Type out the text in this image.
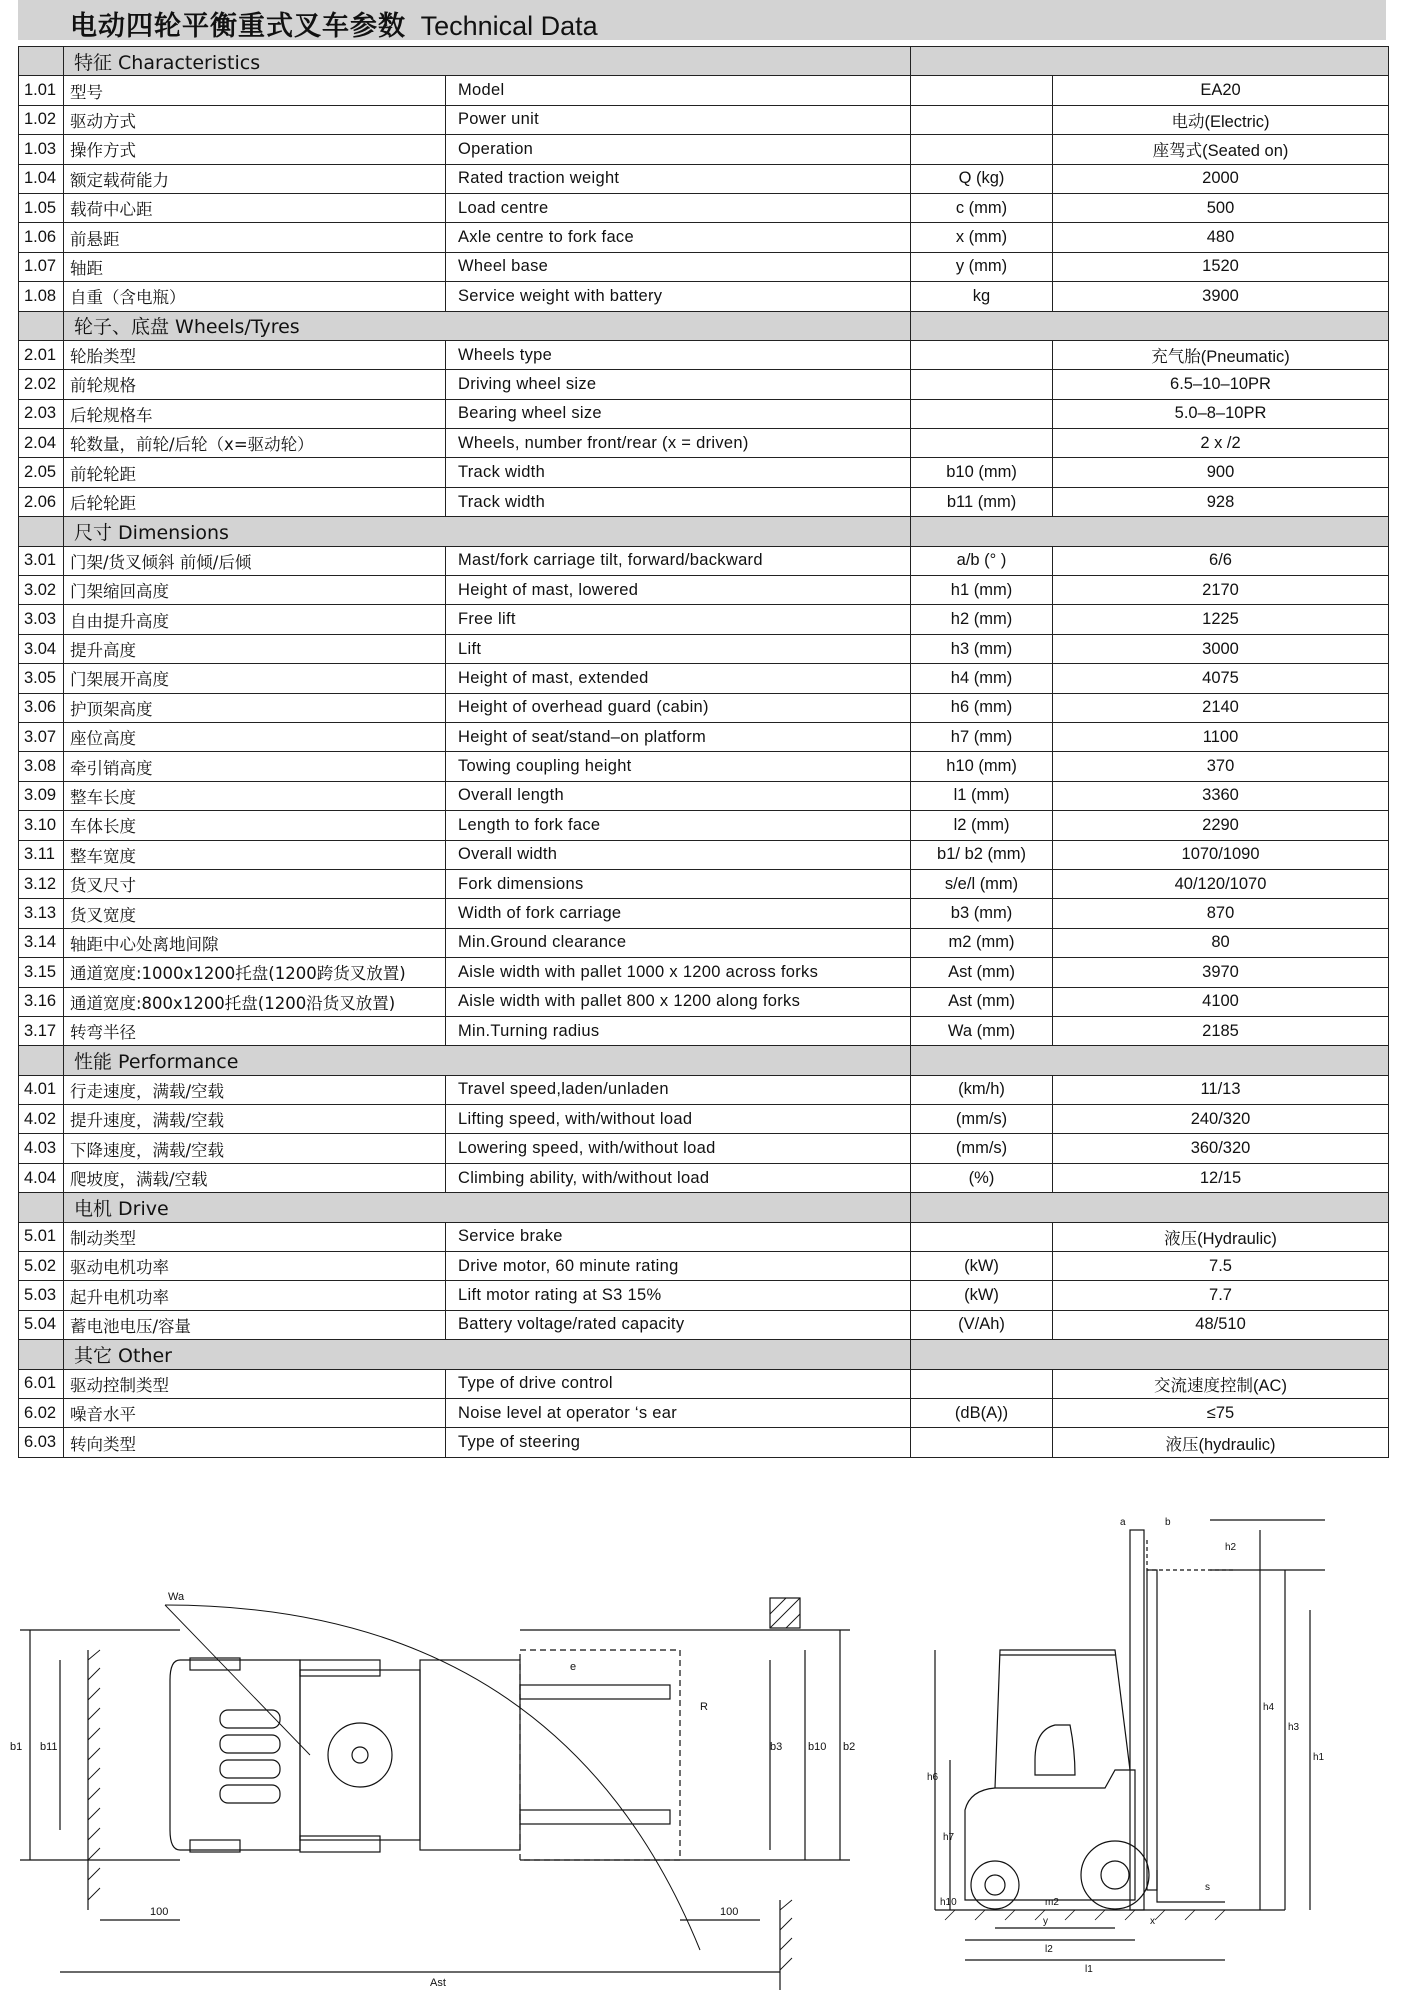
电动四轮平衡重式叉车参数 Technical Data
	特征 Characteristics			
1.01	型号	Model		EA20
1.02	驱动方式	Power unit		电动(Electric)
1.03	操作方式	Operation		座驾式(Seated on)
1.04	额定载荷能力	Rated traction weight	Q (kg)	2000
1.05	载荷中心距	Load centre	c (mm)	500
1.06	前悬距	Axle centre to fork face	x (mm)	480
1.07	轴距	Wheel base	y (mm)	1520
1.08	自重（含电瓶）	Service weight with battery	kg	3900
	轮子、底盘 Wheels/Tyres			
2.01	轮胎类型	Wheels type		充气胎(Pneumatic)
2.02	前轮规格	Driving wheel size		6.5–10–10PR
2.03	后轮规格车	Bearing wheel size		5.0–8–10PR
2.04	轮数量，前轮/后轮（x=驱动轮）	Wheels, number front/rear (x = driven)		2 x /2
2.05	前轮轮距	Track width	b10 (mm)	900
2.06	后轮轮距	Track width	b11 (mm)	928
	尺寸 Dimensions			
3.01	门架/货叉倾斜 前倾/后倾	Mast/fork carriage tilt, forward/backward	a/b (° )	6/6
3.02	门架缩回高度	Height of mast, lowered	h1 (mm)	2170
3.03	自由提升高度	Free lift	h2 (mm)	1225
3.04	提升高度	Lift	h3 (mm)	3000
3.05	门架展开高度	Height of mast, extended	h4 (mm)	4075
3.06	护顶架高度	Height of overhead guard (cabin)	h6 (mm)	2140
3.07	座位高度	Height of seat/stand–on platform	h7 (mm)	1100
3.08	牵引销高度	Towing coupling height	h10 (mm)	370
3.09	整车长度	Overall length	l1 (mm)	3360
3.10	车体长度	Length to fork face	l2 (mm)	2290
3.11	整车宽度	Overall width	b1/ b2 (mm)	1070/1090
3.12	货叉尺寸	Fork dimensions	s/e/l (mm)	40/120/1070
3.13	货叉宽度	Width of fork carriage	b3 (mm)	870
3.14	轴距中心处离地间隙	Min.Ground clearance	m2 (mm)	80
3.15	通道宽度:1000x1200托盘(1200跨货叉放置)	Aisle width with pallet 1000 x 1200 across forks	Ast (mm)	3970
3.16	通道宽度:800x1200托盘(1200沿货叉放置)	Aisle width with pallet 800 x 1200 along forks	Ast (mm)	4100
3.17	转弯半径	Min.Turning radius	Wa (mm)	2185
	性能 Performance			
4.01	行走速度，满载/空载	Travel speed,laden/unladen	(km/h)	11/13
4.02	提升速度，满载/空载	Lifting speed, with/without load	(mm/s)	240/320
4.03	下降速度，满载/空载	Lowering speed, with/without load	(mm/s)	360/320
4.04	爬坡度，满载/空载	Climbing ability, with/without load	(%)	12/15
	电机 Drive			
5.01	制动类型	Service brake		液压(Hydraulic)
5.02	驱动电机功率	Drive motor, 60 minute rating	(kW)	7.5
5.03	起升电机功率	Lift motor rating at S3 15%	(kW)	7.7
5.04	蓄电池电压/容量	Battery voltage/rated capacity	(V/Ah)	48/510
	其它 Other			
6.01	驱动控制类型	Type of drive control		交流速度控制(AC)
6.02	噪音水平	Noise level at operator ‘s ear	(dB(A))	≤75
6.03	转向类型	Type of steering		液压(hydraulic)
b1 b11	b3 b10 b2
e
Wa
R
100	100
Ast
h4
h3
h1
h2
h6
h7
s
y
l2
l1
x
m2
h10
a	b
